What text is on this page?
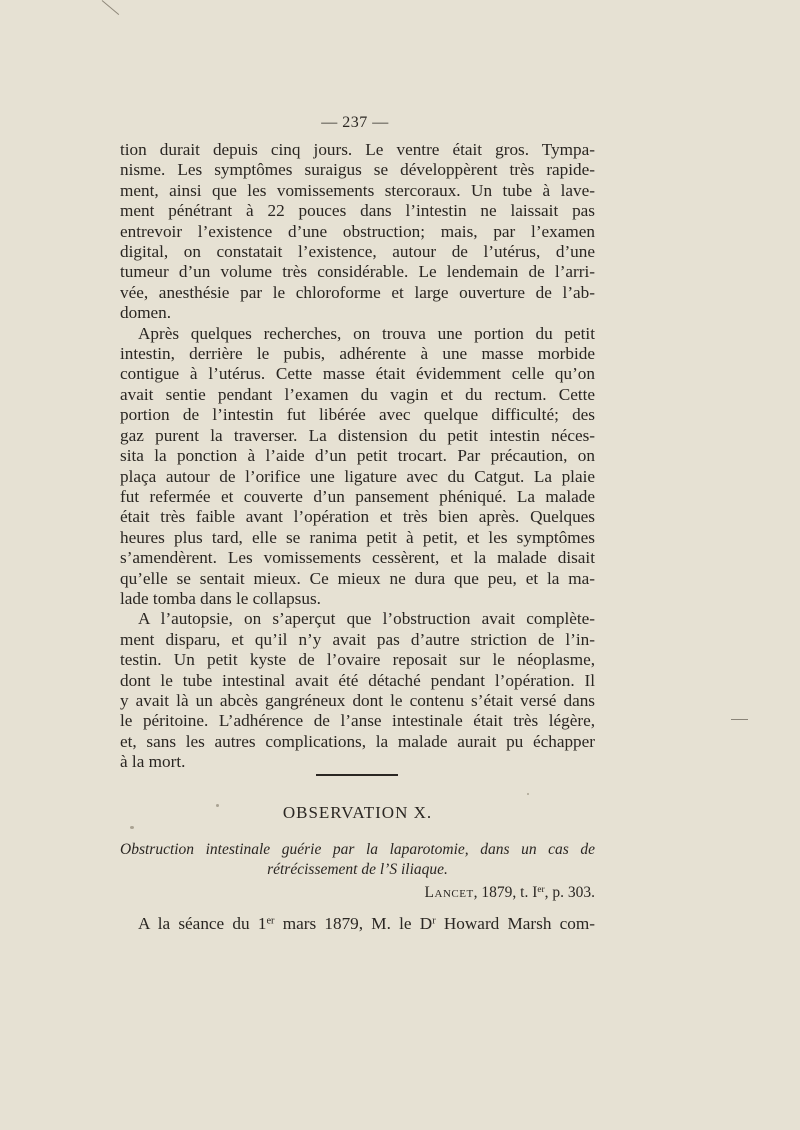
— 237 —
tion durait depuis cinq jours. Le ventre était gros. Tympa-
nisme. Les symptômes suraigus se développèrent très rapide-
ment, ainsi que les vomissements stercoraux. Un tube à lave-
ment pénétrant à 22 pouces dans l’intestin ne laissait pas
entrevoir l’existence d’une obstruction; mais, par l’examen
digital, on constatait l’existence, autour de l’utérus, d’une
tumeur d’un volume très considérable. Le lendemain de l’arri-
vée, anesthésie par le chloroforme et large ouverture de l’ab-
domen.
Après quelques recherches, on trouva une portion du petit
intestin, derrière le pubis, adhérente à une masse morbide
contigue à l’utérus. Cette masse était évidemment celle qu’on
avait sentie pendant l’examen du vagin et du rectum. Cette
portion de l’intestin fut libérée avec quelque difficulté; des
gaz purent la traverser. La distension du petit intestin néces-
sita la ponction à l’aide d’un petit trocart. Par précaution, on
plaça autour de l’orifice une ligature avec du Catgut. La plaie
fut refermée et couverte d’un pansement phéniqué. La malade
était très faible avant l’opération et très bien après. Quelques
heures plus tard, elle se ranima petit à petit, et les symptômes
s’amendèrent. Les vomissements cessèrent, et la malade disait
qu’elle se sentait mieux. Ce mieux ne dura que peu, et la ma-
lade tomba dans le collapsus.
A l’autopsie, on s’aperçut que l’obstruction avait complète-
ment disparu, et qu’il n’y avait pas d’autre striction de l’in-
testin. Un petit kyste de l’ovaire reposait sur le néoplasme,
dont le tube intestinal avait été détaché pendant l’opération. Il
y avait là un abcès gangréneux dont le contenu s’était versé dans
le péritoine. L’adhérence de l’anse intestinale était très légère,
et, sans les autres complications, la malade aurait pu échapper
à la mort.
OBSERVATION X.
Obstruction intestinale guérie par la laparotomie, dans un cas de
rétrécissement de l’S iliaque.
Lancet, 1879, t. Ier, p. 303.
A la séance du 1er mars 1879, M. le $D^r$ Howard Marsh com-
